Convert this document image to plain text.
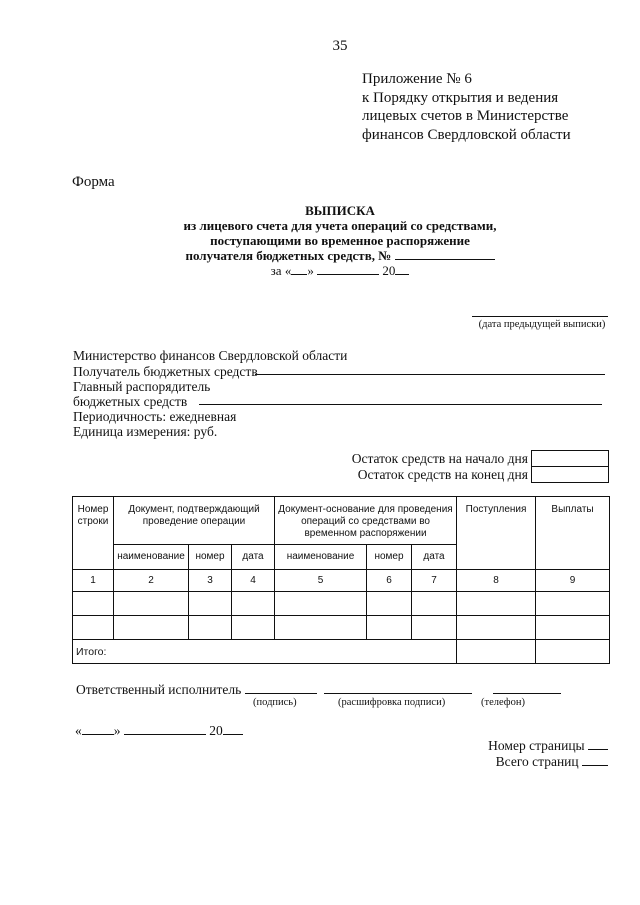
35
Приложение № 6
к Порядку открытия и ведения
лицевых счетов в Министерстве
финансов Свердловской области
Форма
ВЫПИСКА
из лицевого счета для учета операций со средствами,
поступающими во временное распоряжение
получателя бюджетных средств, №
за « »	20
(дата предыдущей выписки)
Министерство финансов Свердловской области
Получатель бюджетных средств
Главный распорядитель
бюджетных средств
Периодичность: ежедневная
Единица измерения: руб.
Остаток средств на начало дня
Остаток средств на конец дня
Номер строки	Документ, подтверждающий проведение операции			Документ-основание для проведения операций со средствами во временном распоряжении			Поступления	Выплаты
	наименование	номер	дата	наименование	номер	дата		
1	2	3	4	5	6	7	8	9

Итого:								
Ответственный исполнитель
(подпись)	(расшифровка подписи)	(телефон)
« »	20
Номер страницы
Всего страниц
